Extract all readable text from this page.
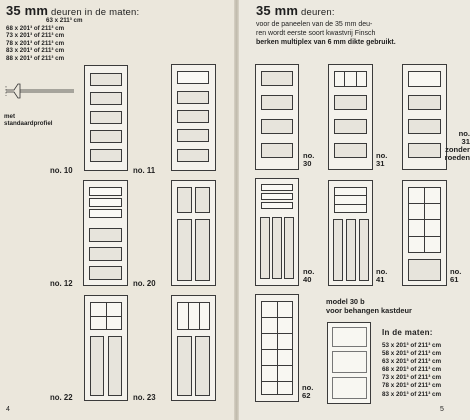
35 mm deuren in de maten:
63 x 211³ cm
68 x 201³ of 211³ cm
73 x 201³ of 211³ cm
78 x 201³ of 211³ cm
83 x 201³ of 211³ cm
88 x 201³ of 211³ cm
met
standaardprofiel
no. 10	no. 11
no. 12	no. 20
no. 22	no. 23
4
35 mm deuren:
voor de paneelen van de 35 mm deu-
ren wordt eerste soort kwastvrij Finsch
berken multiplex van 6 mm dikte gebruikt.
no.
30
no.
31
no.
31
zonder
roeden
no.
40
no.
41
no.
61
no.
62
model 30 b
voor behangen kastdeur
In de maten:
53 x 201³ of 211³ cm
58 x 201³ of 211³ cm
63 x 201³ of 211³ cm
68 x 201³ of 211³ cm
73 x 201³ of 211³ cm
78 x 201³ of 211³ cm
83 x 201³ of 211³ cm
5
